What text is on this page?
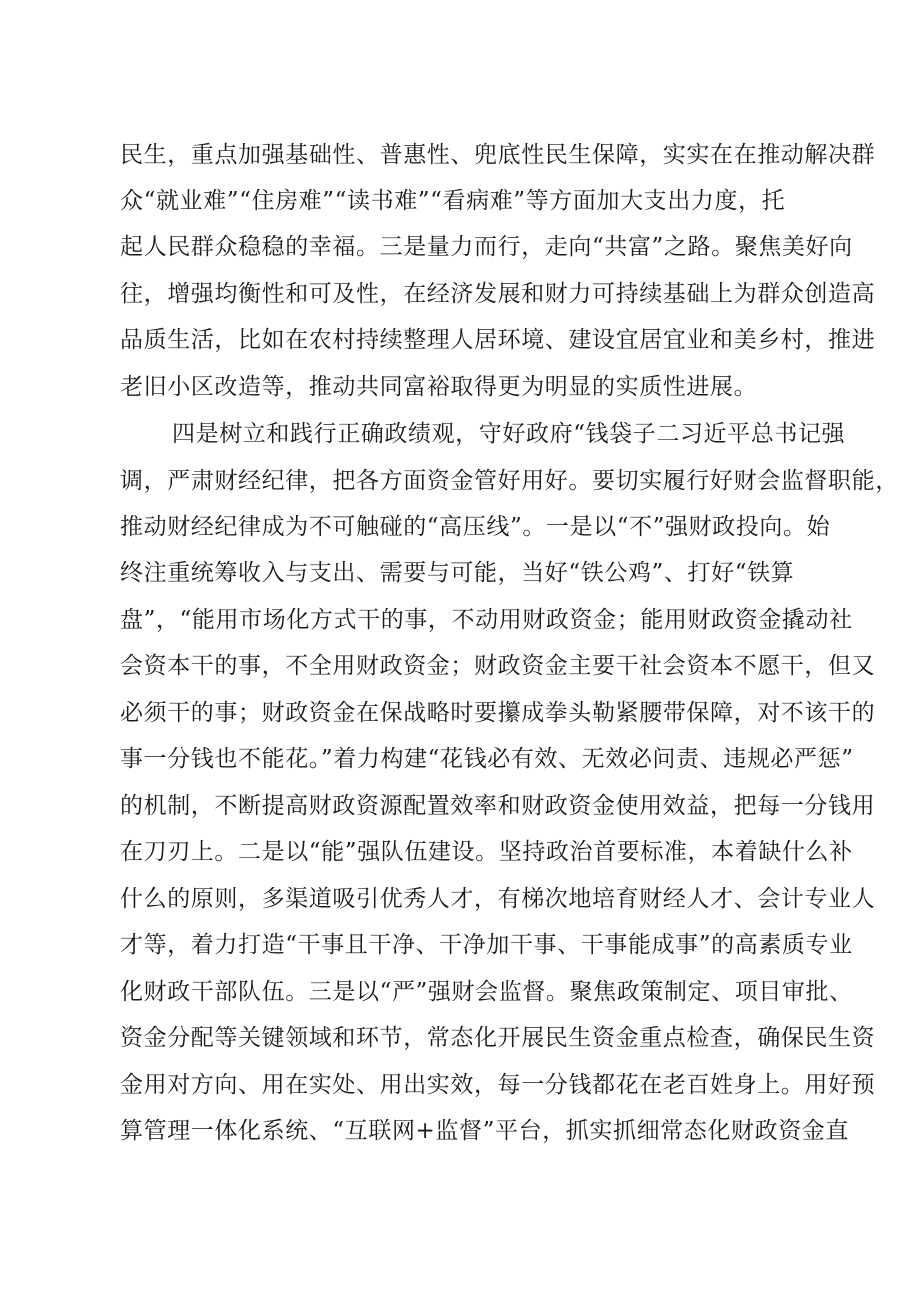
民生，重点加强基础性、普惠性、兜底性民生保障，实实在在推动解决群
众“就业难”“住房难”“读书难”“看病难”等方面加大支出力度，托
起人民群众稳稳的幸福。三是量力而行，走向“共富”之路。聚焦美好向
往，增强均衡性和可及性，在经济发展和财力可持续基础上为群众创造高
品质生活，比如在农村持续整理人居环境、建设宜居宜业和美乡村，推进
老旧小区改造等，推动共同富裕取得更为明显的实质性进展。
四是树立和践行正确政绩观，守好政府“钱袋子二习近平总书记强
调，严肃财经纪律，把各方面资金管好用好。要切实履行好财会监督职能，
推动财经纪律成为不可触碰的“高压线”。一是以“不”强财政投向。始
终注重统筹收入与支出、需要与可能，当好“铁公鸡”、打好“铁算
盘”，“能用市场化方式干的事，不动用财政资金；能用财政资金撬动社
会资本干的事，不全用财政资金；财政资金主要干社会资本不愿干，但又
必须干的事；财政资金在保战略时要攥成拳头勒紧腰带保障，对不该干的
事一分钱也不能花。”着力构建“花钱必有效、无效必问责、违规必严惩”
的机制，不断提高财政资源配置效率和财政资金使用效益，把每一分钱用
在刀刃上。二是以“能”强队伍建设。坚持政治首要标准，本着缺什么补
什么的原则，多渠道吸引优秀人才，有梯次地培育财经人才、会计专业人
才等，着力打造“干事且干净、干净加干事、干事能成事”的高素质专业
化财政干部队伍。三是以“严”强财会监督。聚焦政策制定、项目审批、
资金分配等关键领域和环节，常态化开展民生资金重点检查，确保民生资
金用对方向、用在实处、用出实效，每一分钱都花在老百姓身上。用好预
算管理一体化系统、“互联网+监督”平台，抓实抓细常态化财政资金直
